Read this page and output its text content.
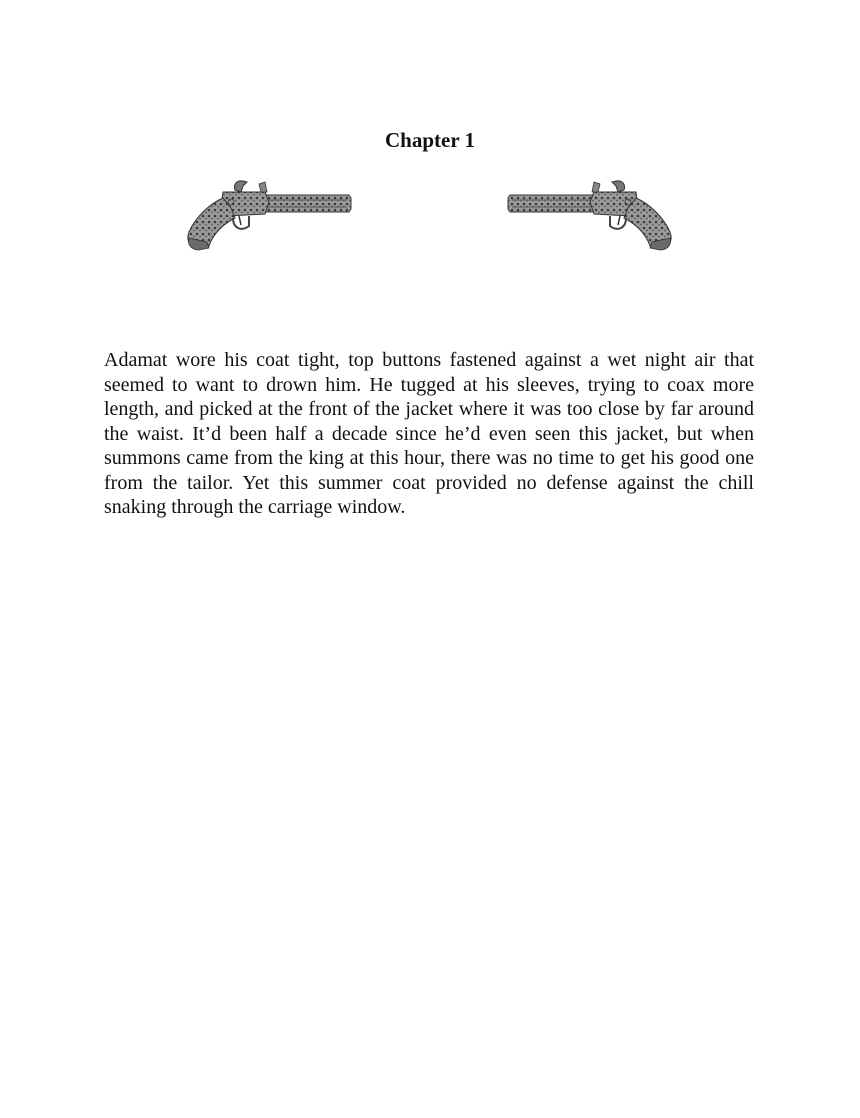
Chapter 1

Adamat wore his coat tight, top buttons fastened against a wet night air that seemed to want to drown him. He tugged at his sleeves, trying to coax more length, and picked at the front of the jacket where it was too close by far around the waist. It’d been half a decade since he’d even seen this jacket, but when summons came from the king at this hour, there was no time to get his good one from the tailor. Yet this summer coat provided no defense against the chill snaking through the carriage window.
